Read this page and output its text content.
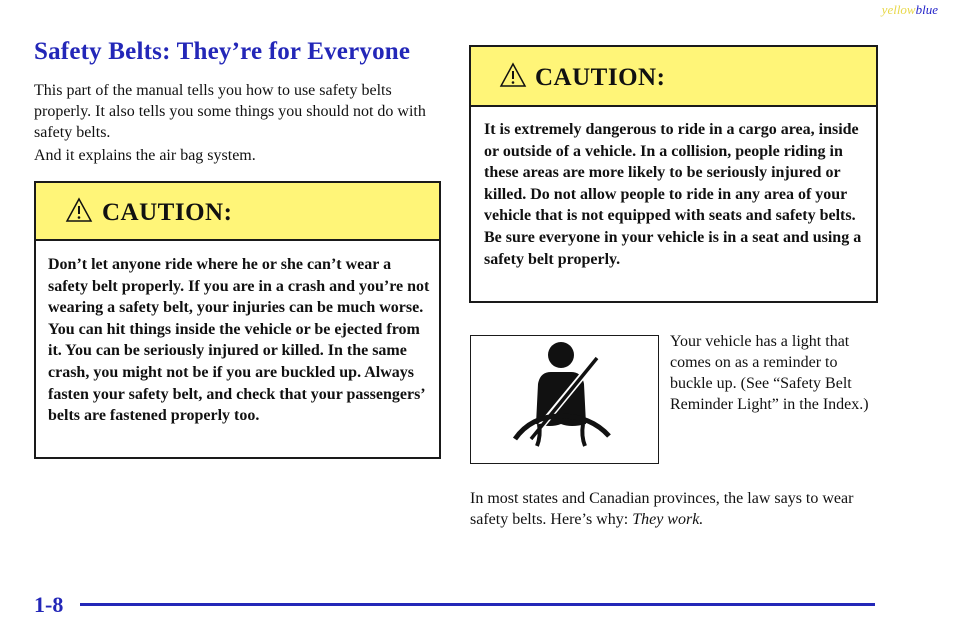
yellowblue
Safety Belts: They’re for Everyone

This part of the manual tells you how to use safety belts properly. It also tells you some things you should not do with safety belts.

And it explains the air bag system.

CAUTION:

Don’t let anyone ride where he or she can’t wear a safety belt properly. If you are in a crash and you’re not wearing a safety belt, your injuries can be much worse. You can hit things inside the vehicle or be ejected from it. You can be seriously injured or killed. In the same crash, you might not be if you are buckled up. Always fasten your safety belt, and check that your passengers’ belts are fastened properly too.

CAUTION:

It is extremely dangerous to ride in a cargo area, inside or outside of a vehicle. In a collision, people riding in these areas are more likely to be seriously injured or killed. Do not allow people to ride in any area of your vehicle that is not equipped with seats and safety belts. Be sure everyone in your vehicle is in a seat and using a safety belt properly.

Your vehicle has a light that comes on as a reminder to buckle up. (See “Safety Belt Reminder Light” in the Index.)

In most states and Canadian provinces, the law says to wear safety belts. Here’s why: They work.

1-8
